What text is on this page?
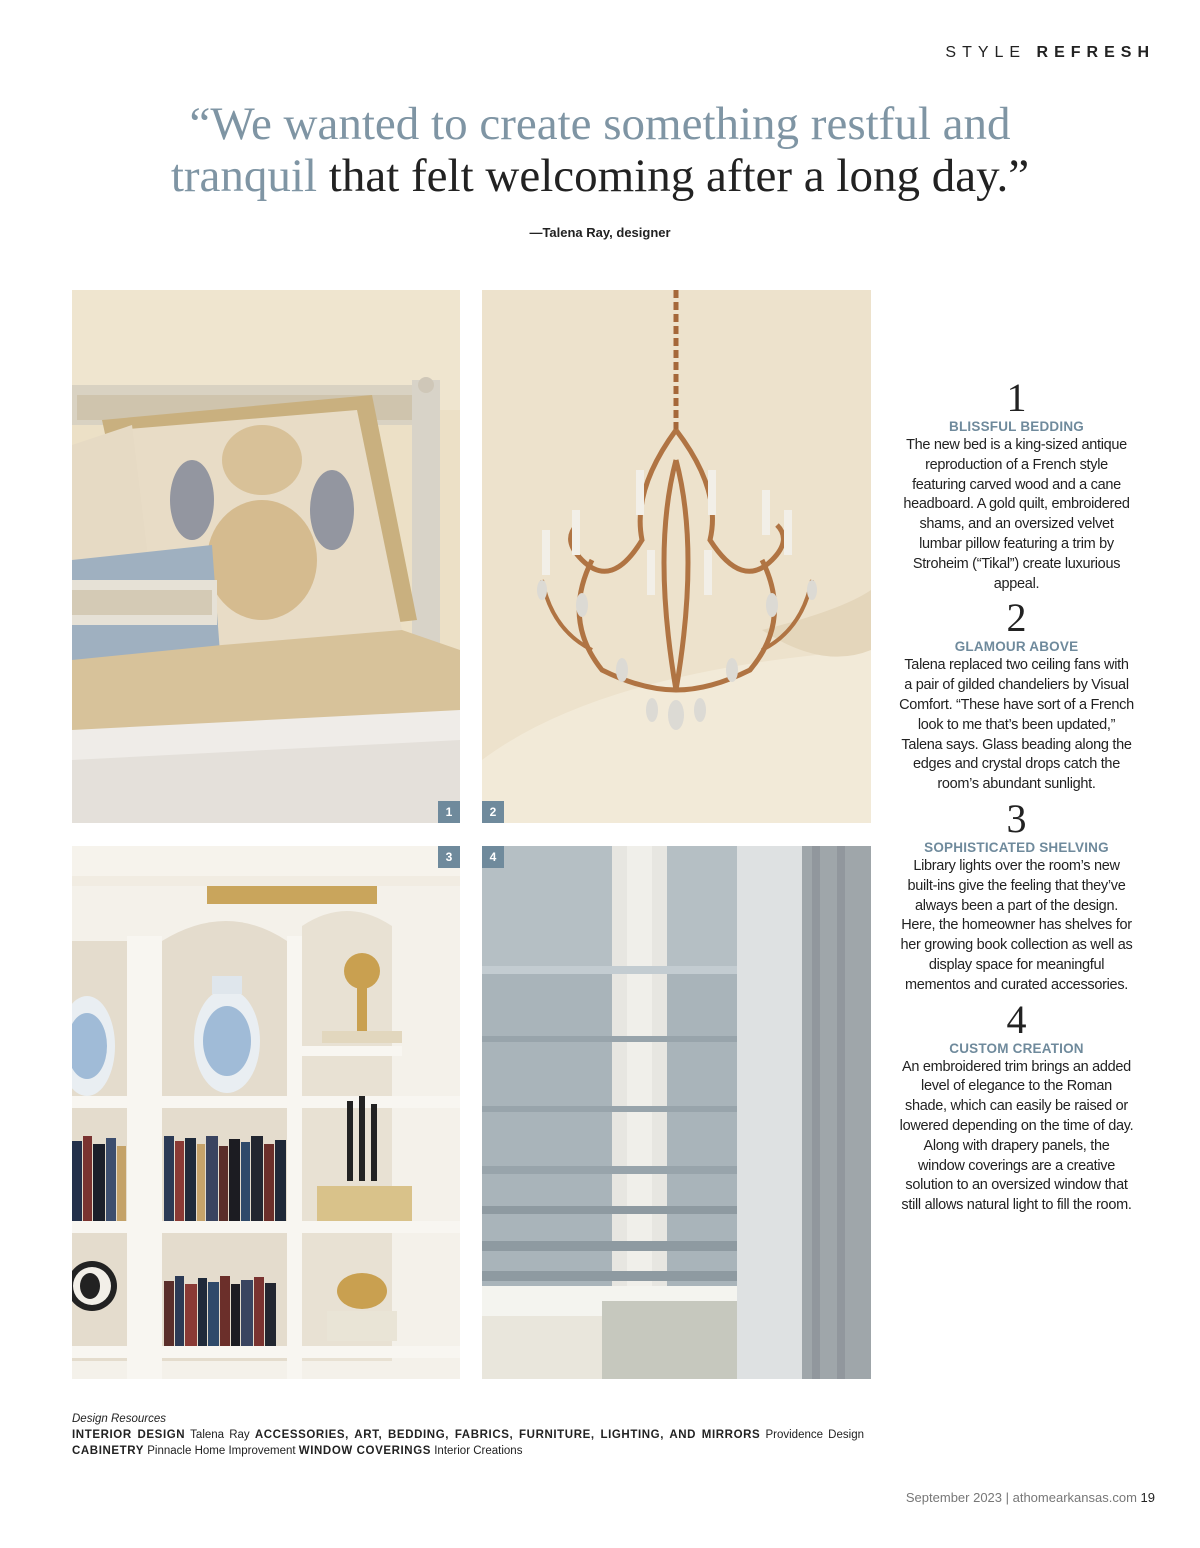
STYLE REFRESH
“We wanted to create something restful and
tranquil that felt welcoming after a long day.”
—Talena Ray, designer
1	2
3	4
1
BLISSFUL BEDDING
The new bed is a king-sized antique reproduction of a French style featuring carved wood and a cane headboard. A gold quilt, embroidered shams, and an oversized velvet lumbar pillow featuring a trim by Stroheim (“Tikal”) create luxurious appeal.
2
GLAMOUR ABOVE
Talena replaced two ceiling fans with a pair of gilded chandeliers by Visual Comfort. “These have sort of a French look to me that’s been updated,” Talena says. Glass beading along the edges and crystal drops catch the room’s abundant sunlight.
3
SOPHISTICATED SHELVING
Library lights over the room’s new built-ins give the feeling that they’ve always been a part of the design. Here, the homeowner has shelves for her growing book collection as well as display space for meaningful mementos and curated accessories.
4
CUSTOM CREATION
An embroidered trim brings an added level of elegance to the Roman shade, which can easily be raised or lowered depending on the time of day. Along with drapery panels, the window coverings are a creative solution to an oversized window that still allows natural light to fill the room.
Design Resources
INTERIOR DESIGN Talena Ray ACCESSORIES, ART, BEDDING, FABRICS, FURNITURE, LIGHTING, AND MIRRORS Providence Design
CABINETRY Pinnacle Home Improvement WINDOW COVERINGS Interior Creations
September 2023 | athomearkansas.com 19
